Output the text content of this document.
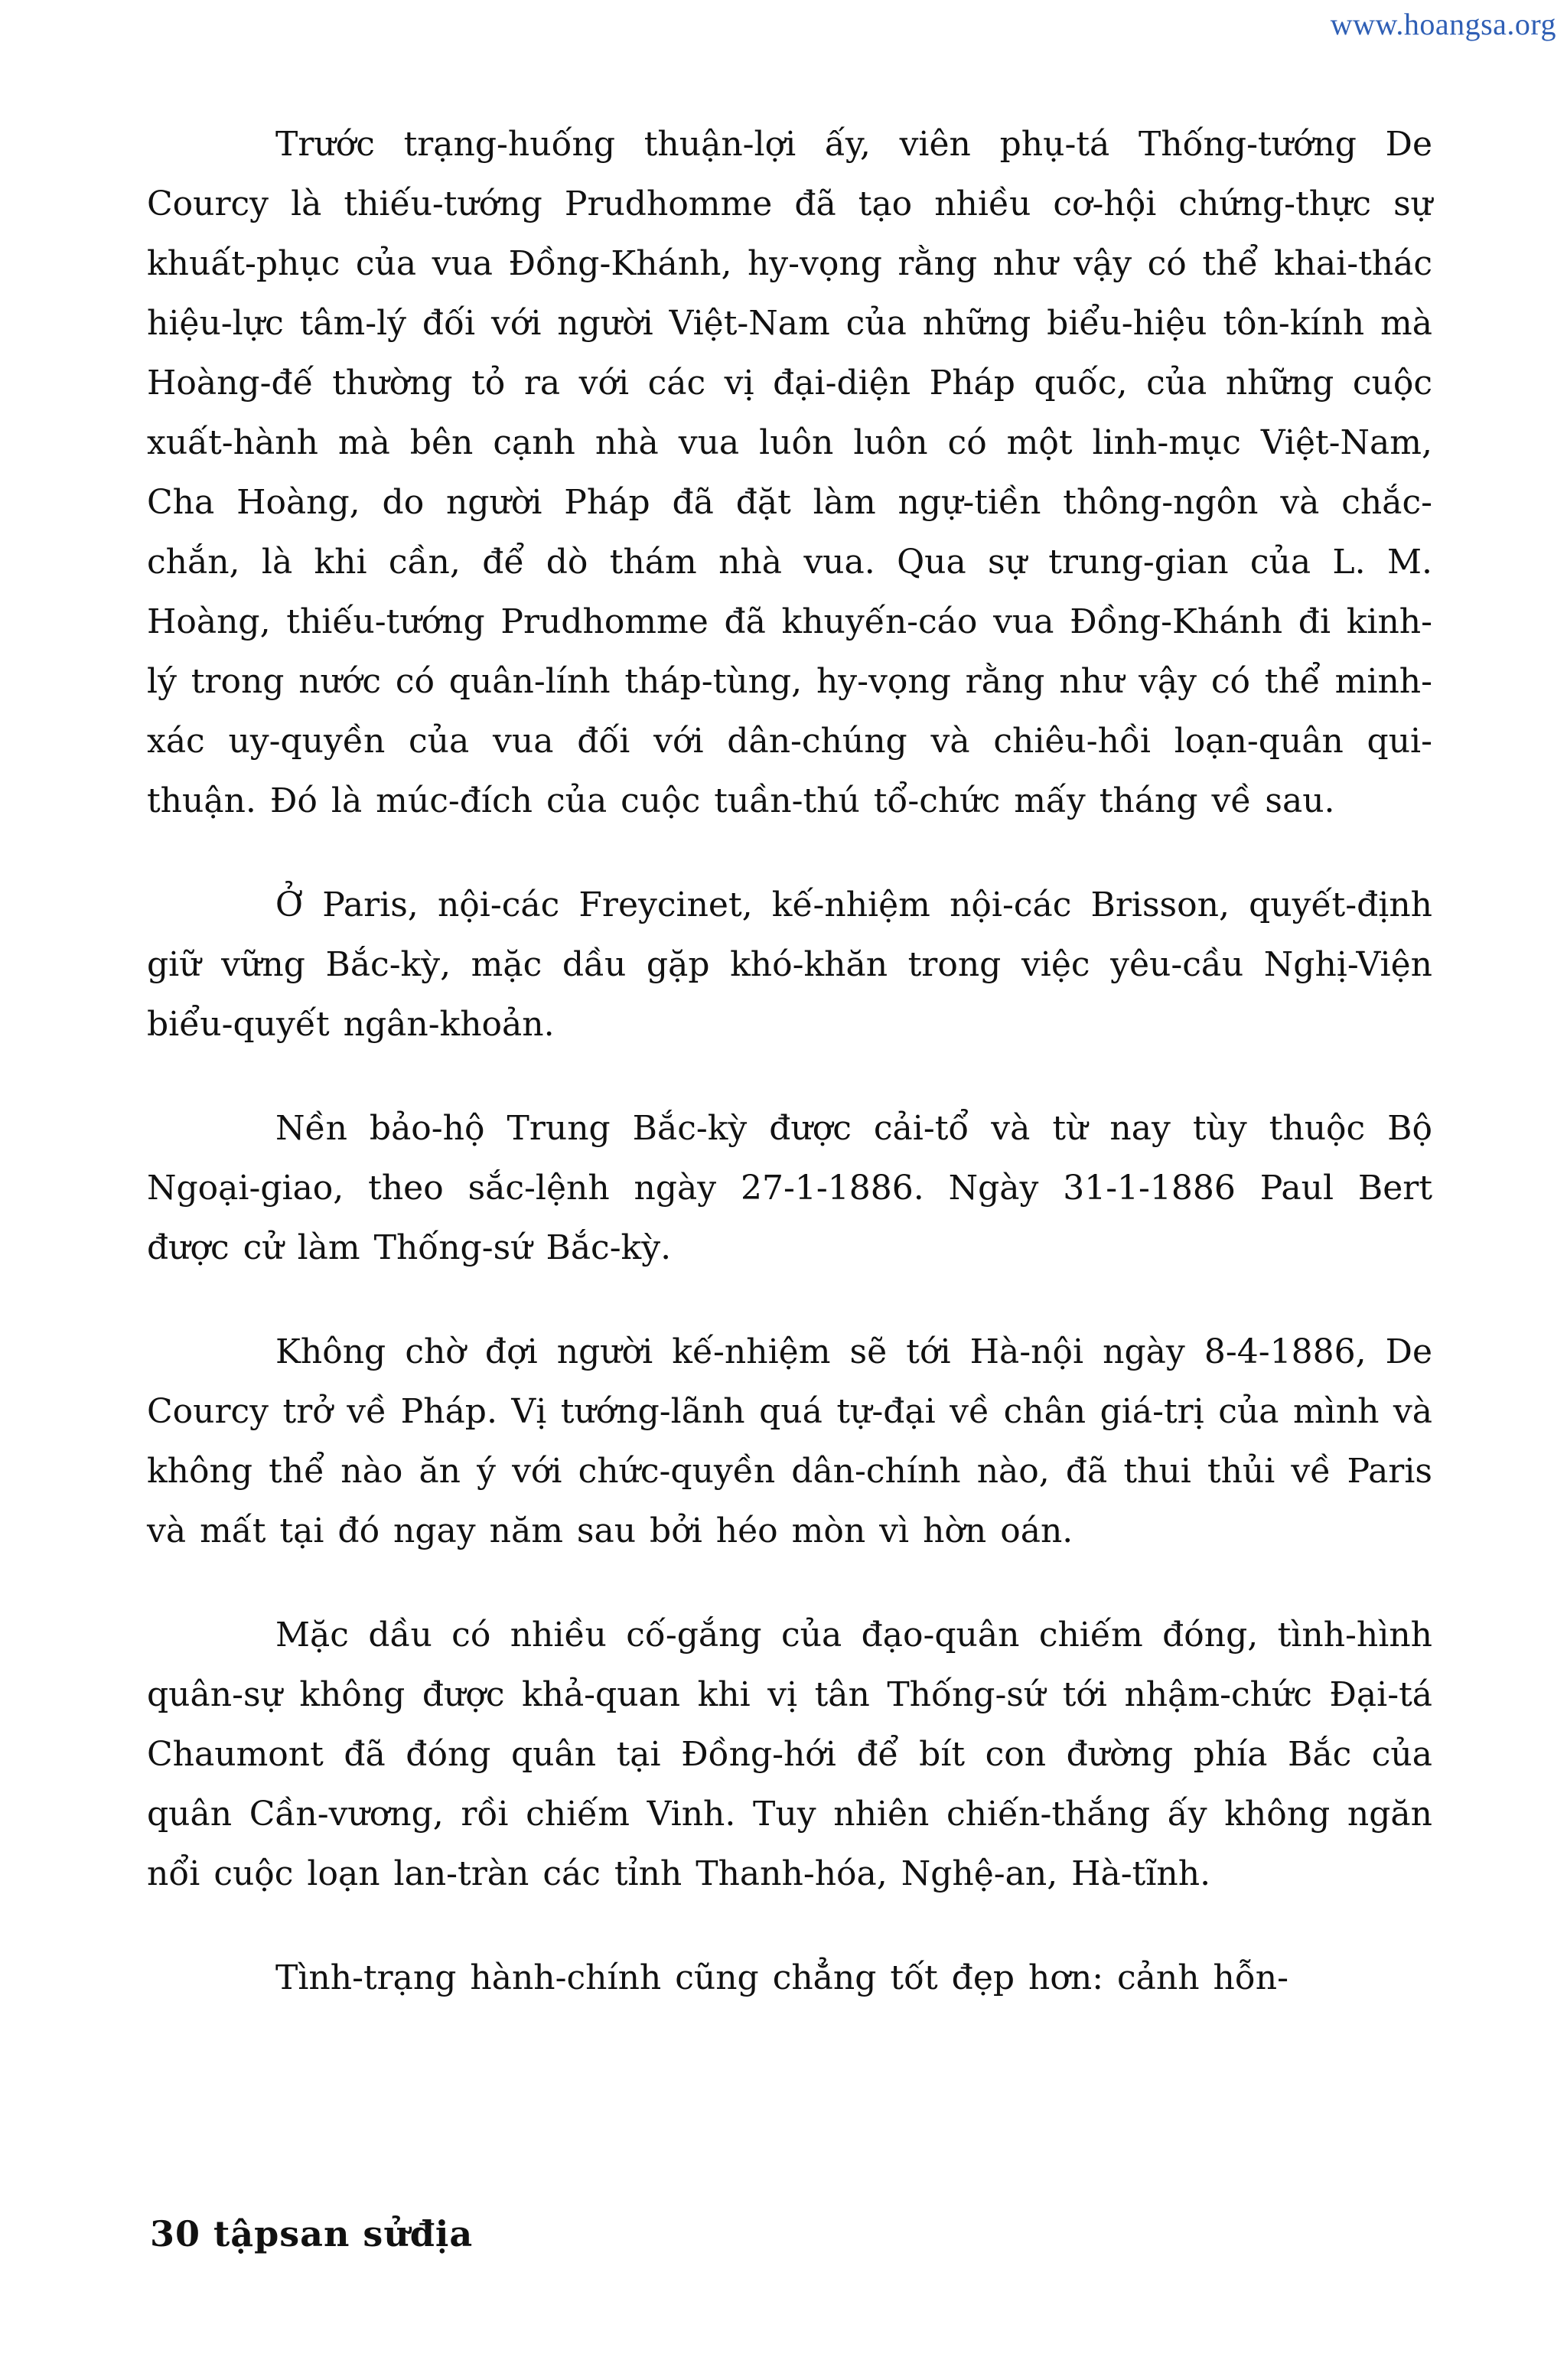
www.hoangsa.org

Trước trạng-huống thuận-lợi ấy, viên phụ-tá Thống-tướng De Courcy là thiếu-tướng Prudhomme đã tạo nhiều cơ-hội chứng-thực sự khuất-phục của vua Đồng-Khánh, hy-vọng rằng như vậy có thể khai-thác hiệu-lực tâm-lý đối với người Việt-Nam của những biểu-hiệu tôn-kính mà Hoàng-đế thường tỏ ra với các vị đại-diện Pháp quốc, của những cuộc xuất-hành mà bên cạnh nhà vua luôn luôn có một linh-mục Việt-Nam, Cha Hoàng, do người Pháp đã đặt làm ngự-tiền thông-ngôn và chắc-chắn, là khi cần, để dò thám nhà vua. Qua sự trung-gian của L. M. Hoàng, thiếu-tướng Prudhomme đã khuyến-cáo vua Đồng-Khánh đi kinh-lý trong nước có quân-lính tháp-tùng, hy-vọng rằng như vậy có thể minh-xác uy-quyền của vua đối với dân-chúng và chiêu-hồi loạn-quân qui-thuận. Đó là múc-đích của cuộc tuần-thú tổ-chức mấy tháng về sau.

Ở Paris, nội-các Freycinet, kế-nhiệm nội-các Brisson, quyết-định giữ vững Bắc-kỳ, mặc dầu gặp khó-khăn trong việc yêu-cầu Nghị-Viện biểu-quyết ngân-khoản.

Nền bảo-hộ Trung Bắc-kỳ được cải-tổ và từ nay tùy thuộc Bộ Ngoại-giao, theo sắc-lệnh ngày 27-1-1886. Ngày 31-1-1886 Paul Bert được cử làm Thống-sứ Bắc-kỳ.

Không chờ đợi người kế-nhiệm sẽ tới Hà-nội ngày 8-4-1886, De Courcy trở về Pháp. Vị tướng-lãnh quá tự-đại về chân giá-trị của mình và không thể nào ăn ý với chức-quyền dân-chính nào, đã thui thủi về Paris và mất tại đó ngay năm sau bởi héo mòn vì hờn oán.

Mặc dầu có nhiều cố-gắng của đạo-quân chiếm đóng, tình-hình quân-sự không được khả-quan khi vị tân Thống-sứ tới nhậm-chức Đại-tá Chaumont đã đóng quân tại Đồng-hới để bít con đường phía Bắc của quân Cần-vương, rồi chiếm Vinh. Tuy nhiên chiến-thắng ấy không ngăn nổi cuộc loạn lan-tràn các tỉnh Thanh-hóa, Nghệ-an, Hà-tĩnh.

Tình-trạng hành-chính cũng chẳng tốt đẹp hơn: cảnh hỗn-

30 tậpsan sửđịa
